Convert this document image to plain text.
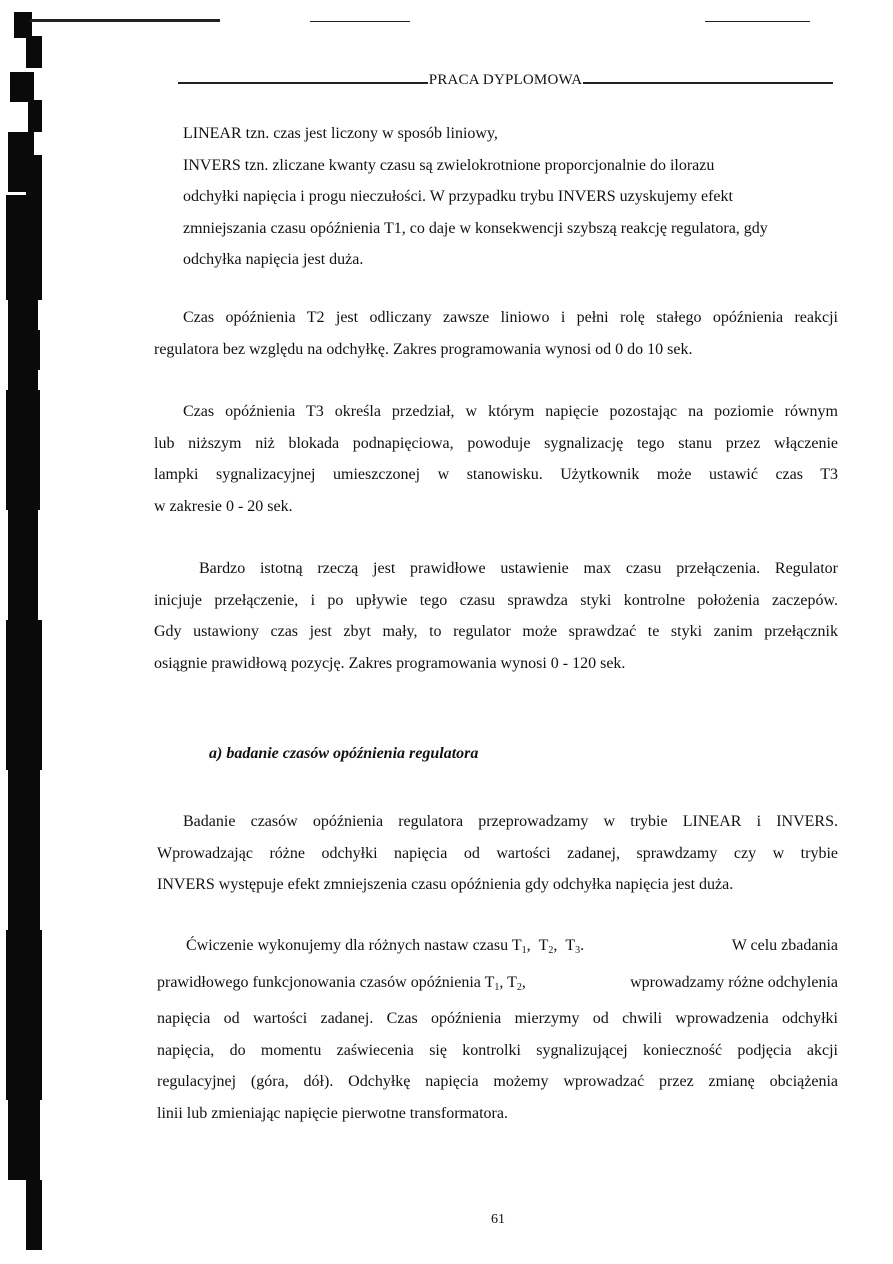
PRACA DYPLOMOWA
LINEAR tzn. czas jest liczony w sposób liniowy,
INVERS tzn. zliczane kwanty czasu są zwielokrotnione proporcjonalnie do ilorazu
odchyłki napięcia i progu nieczułości. W przypadku trybu INVERS uzyskujemy efekt
zmniejszania czasu opóźnienia T1, co daje w konsekwencji szybszą reakcję regulatora, gdy
odchyłka napięcia jest duża.
Czas opóźnienia T2 jest odliczany zawsze liniowo i pełni rolę stałego opóźnienia reakcji
regulatora bez względu na odchyłkę. Zakres programowania wynosi od 0 do 10 sek.
Czas opóźnienia T3 określa przedział, w którym napięcie pozostając na poziomie równym
lub niższym niż blokada podnapięciowa, powoduje sygnalizację tego stanu przez włączenie
lampki sygnalizacyjnej umieszczonej w stanowisku. Użytkownik może ustawić czas T3
w zakresie 0 - 20 sek.
Bardzo istotną rzeczą jest prawidłowe ustawienie max czasu przełączenia. Regulator
inicjuje przełączenie, i po upływie tego czasu sprawdza styki kontrolne położenia zaczepów.
Gdy ustawiony czas jest zbyt mały, to regulator może sprawdzać te styki zanim przełącznik
osiągnie prawidłową pozycję. Zakres programowania wynosi 0 - 120 sek.
a) badanie czasów opóźnienia regulatora
Badanie czasów opóźnienia regulatora przeprowadzamy w trybie LINEAR i INVERS.
Wprowadzając różne odchyłki napięcia od wartości zadanej, sprawdzamy czy w trybie
INVERS występuje efekt zmniejszenia czasu opóźnienia gdy odchyłka napięcia jest duża.
Ćwiczenie wykonujemy dla różnych nastaw czasu $T_1$,  $T_2$,  $T_3$.	W celu zbadania
prawidłowego funkcjonowania czasów opóźnienia $T_1$, $T_2$,	wprowadzamy różne odchylenia
napięcia od wartości zadanej. Czas opóźnienia mierzymy od chwili wprowadzenia odchyłki
napięcia, do momentu zaświecenia się kontrolki sygnalizującej konieczność podjęcia akcji
regulacyjnej (góra, dół). Odchyłkę napięcia możemy wprowadzać przez zmianę obciążenia
linii lub zmieniając napięcie pierwotne transformatora.
61
